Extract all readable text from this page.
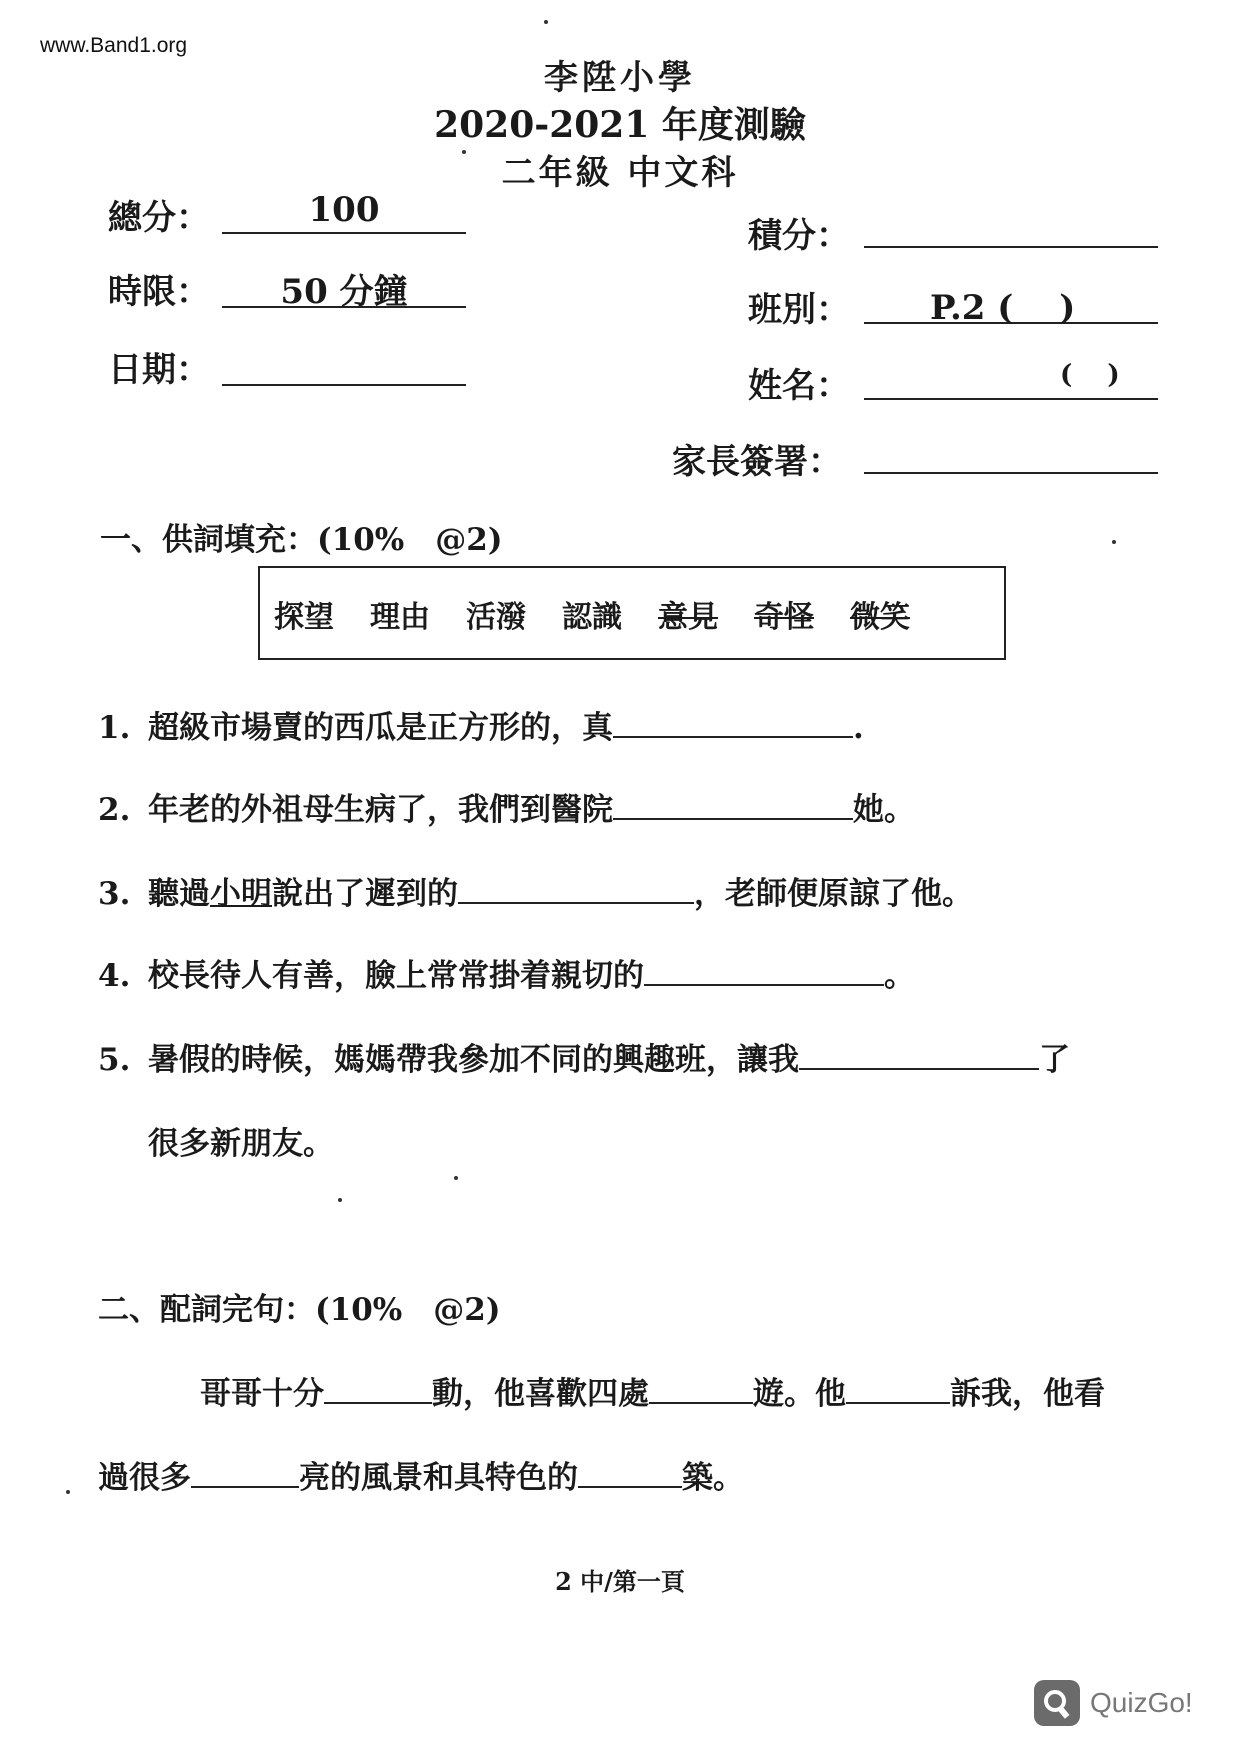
www.Band1.org
李陞小學
2020-2021 年度測驗
二年級 中文科
總分：	100
時限：	50 分鐘
日期：
積分：
班別： P.2 (　 )
姓名：	(　 )
家長簽署：
一、供詞填充：(10%　@2)
探望 理由 活潑 認識 意見 奇怪 微笑
1. 超級市場賣的西瓜是正方形的，真	.
2. 年老的外祖母生病了，我們到醫院	她。
3. 聽過小明說出了遲到的	，老師便原諒了他。
4. 校長待人有善，臉上常常掛着親切的	。
5. 暑假的時候，媽媽帶我參加不同的興趣班，讓我	了
很多新朋友。
二、配詞完句：(10%　@2)
哥哥十分	動，他喜歡四處	遊。他	訴我，他看
過很多	亮的風景和具特色的	築。
2 中/第一頁
QuizGo!
